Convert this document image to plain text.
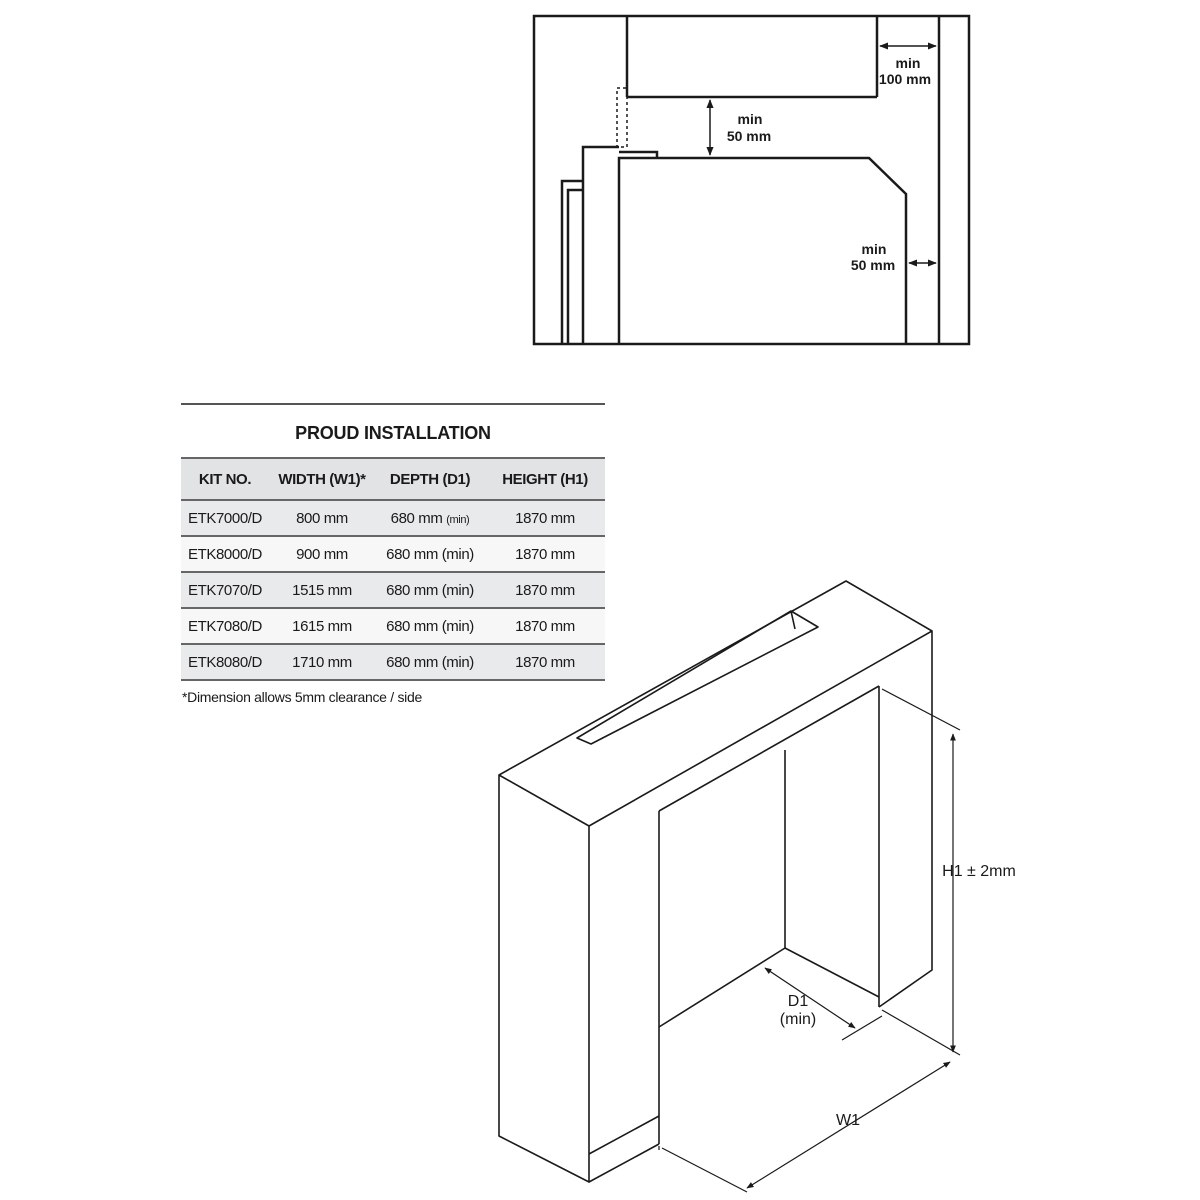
min
100 mm
min
50 mm
min
50 mm
PROUD INSTALLATION
KIT NO.	WIDTH (W1)*	DEPTH (D1)	HEIGHT (H1)
ETK7000/D	800 mm	680 mm (min)	1870 mm
ETK8000/D	900 mm	680 mm (min)	1870 mm
ETK7070/D	1515 mm	680 mm (min)	1870 mm
ETK7080/D	1615 mm	680 mm (min)	1870 mm
ETK8080/D	1710 mm	680 mm (min)	1870 mm
*Dimension allows 5mm clearance / side
H1 ± 2mm
D1
(min)
W1
